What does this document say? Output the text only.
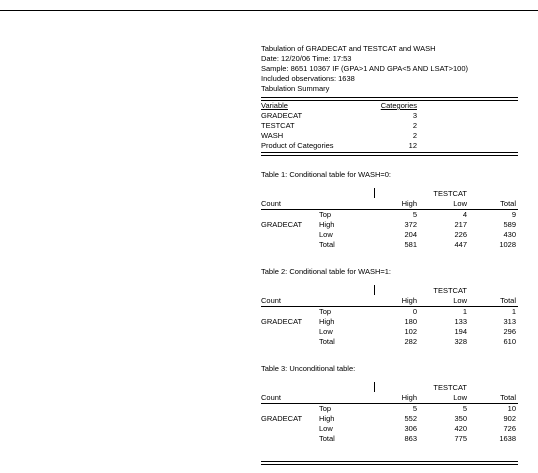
Tabulation of GRADECAT and TESTCAT and WASH
Date: 12/20/06 Time: 17:53
Sample: 8651 10367 IF (GPA>1 AND GPA<5 AND LSAT>100)
Included observations: 1638
Tabulation Summary
Variable	Categories
GRADECAT	3
TESTCAT	2
WASH	2
Product of Categories	12
Table 1: Conditional table for WASH=0:
TESTCAT
Count	High	Low	Total
Top	5	4	9
GRADECAT High	372	217	589
Low	204	226	430
Total	581	447	1028
Table 2: Conditional table for WASH=1:
TESTCAT
Count	High	Low	Total
Top	0	1	1
GRADECAT High	180	133	313
Low	102	194	296
Total	282	328	610
Table 3: Unconditional table:
TESTCAT
Count	High	Low	Total
Top	5	5	10
GRADECAT High	552	350	902
Low	306	420	726
Total	863	775	1638
